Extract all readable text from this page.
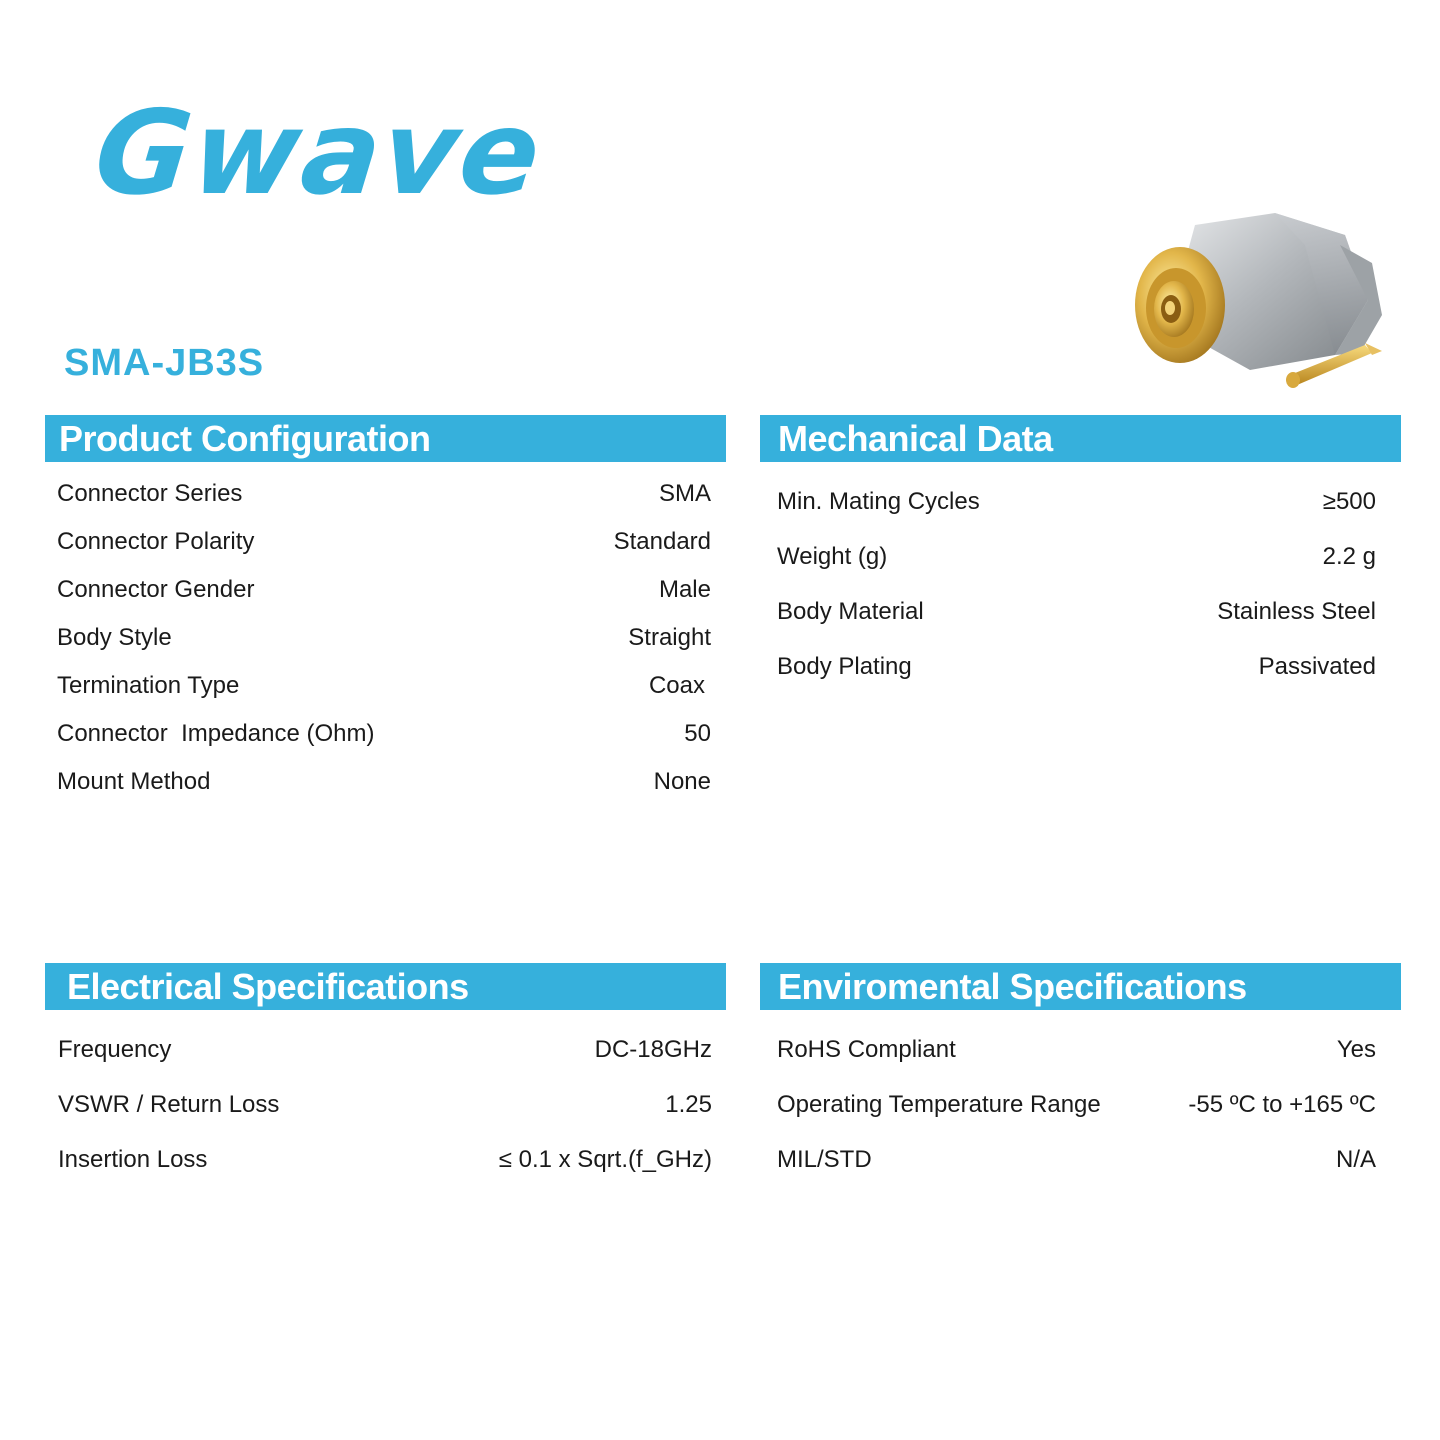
Gwave
SMA-JB3S
Product Configuration
Connector Series	SMA
Connector Polarity	Standard
Connector Gender	Male
Body Style	Straight
Termination Type	Coax
Connector  Impedance (Ohm)	50
Mount Method	None
Mechanical Data
Min. Mating Cycles	≥500
Weight (g)	2.2 g
Body Material	Stainless Steel
Body Plating	Passivated
Electrical Specifications
Frequency	DC-18GHz
VSWR / Return Loss	1.25
Insertion Loss	≤ 0.1 x Sqrt.(f_GHz)
Enviromental Specifications
RoHS Compliant	Yes
Operating Temperature Range	-55 ºC to +165 ºC
MIL/STD	N/A
